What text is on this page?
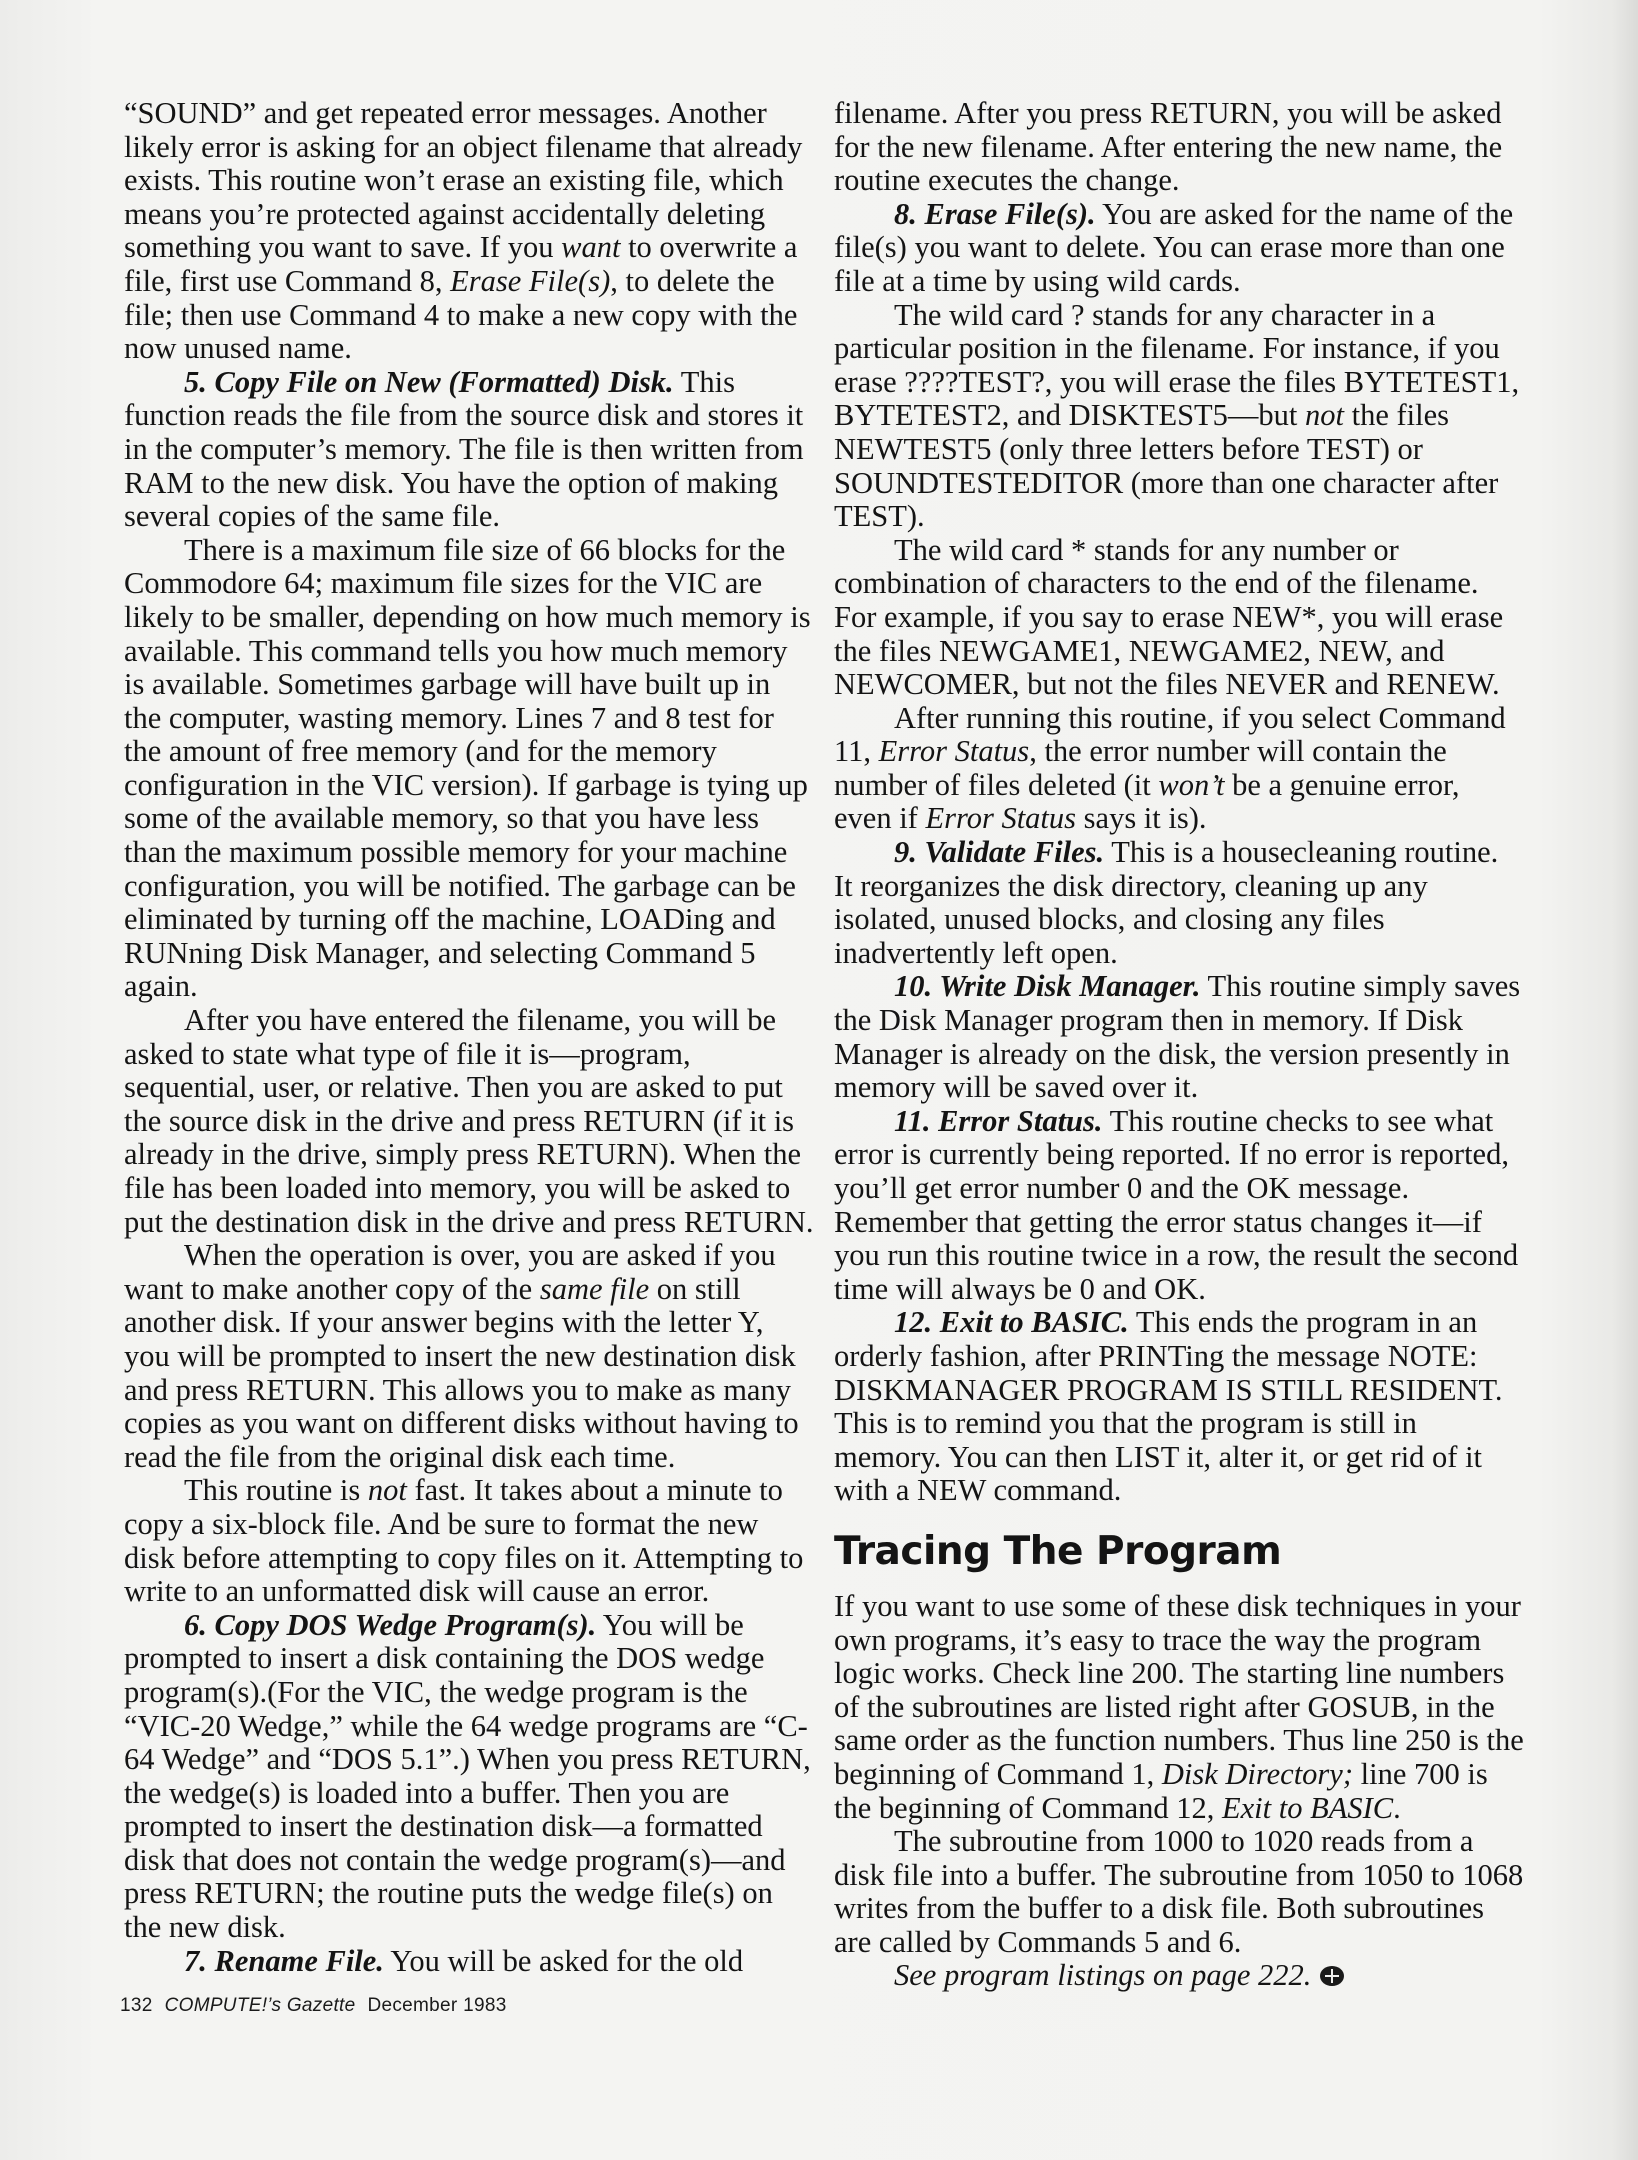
“SOUND” and get repeated error messages. Another likely error is asking for an object filename that already exists. This routine won’t erase an existing file, which means you’re protected against accidentally deleting something you want to save. If you want to overwrite a file, first use Command 8, Erase File(s), to delete the file; then use Command 4 to make a new copy with the now unused name.

5. Copy File on New (Formatted) Disk. This function reads the file from the source disk and stores it in the computer’s memory. The file is then written from RAM to the new disk. You have the option of making several copies of the same file.

There is a maximum file size of 66 blocks for the Commodore 64; maximum file sizes for the VIC are likely to be smaller, depending on how much memory is available. This command tells you how much memory is available. Sometimes garbage will have built up in the computer, wasting memory. Lines 7 and 8 test for the amount of free memory (and for the memory configuration in the VIC version). If garbage is tying up some of the available memory, so that you have less than the maximum possible memory for your machine configuration, you will be notified. The garbage can be eliminated by turning off the machine, LOADing and RUNning Disk Manager, and selecting Command 5 again.

After you have entered the filename, you will be asked to state what type of file it is—program, sequential, user, or relative. Then you are asked to put the source disk in the drive and press RETURN (if it is already in the drive, simply press RETURN). When the file has been loaded into memory, you will be asked to put the destination disk in the drive and press RETURN.

When the operation is over, you are asked if you want to make another copy of the same file on still another disk. If your answer begins with the letter Y, you will be prompted to insert the new destination disk and press RETURN. This allows you to make as many copies as you want on different disks without having to read the file from the original disk each time.

This routine is not fast. It takes about a minute to copy a six-block file. And be sure to format the new disk before attempting to copy files on it. Attempting to write to an unformatted disk will cause an error.

6. Copy DOS Wedge Program(s). You will be prompted to insert a disk containing the DOS wedge program(s).(For the VIC, the wedge program is the “VIC-20 Wedge,” while the 64 wedge programs are “C-64 Wedge” and “DOS 5.1”.) When you press RETURN, the wedge(s) is loaded into a buffer. Then you are prompted to insert the destination disk—a formatted disk that does not contain the wedge program(s)—and press RETURN; the routine puts the wedge file(s) on the new disk.

7. Rename File. You will be asked for the old

filename. After you press RETURN, you will be asked for the new filename. After entering the new name, the routine executes the change.

8. Erase File(s). You are asked for the name of the file(s) you want to delete. You can erase more than one file at a time by using wild cards.

The wild card ? stands for any character in a particular position in the filename. For instance, if you erase ????TEST?, you will erase the files BYTETEST1, BYTETEST2, and DISKTEST5—but not the files NEWTEST5 (only three letters before TEST) or SOUNDTESTEDITOR (more than one character after TEST).

The wild card * stands for any number or combination of characters to the end of the filename. For example, if you say to erase NEW*, you will erase the files NEWGAME1, NEWGAME2, NEW, and NEWCOMER, but not the files NEVER and RENEW.

After running this routine, if you select Command 11, Error Status, the error number will contain the number of files deleted (it won’t be a genuine error, even if Error Status says it is).

9. Validate Files. This is a housecleaning routine. It reorganizes the disk directory, cleaning up any isolated, unused blocks, and closing any files inadvertently left open.

10. Write Disk Manager. This routine simply saves the Disk Manager program then in memory. If Disk Manager is already on the disk, the version presently in memory will be saved over it.

11. Error Status. This routine checks to see what error is currently being reported. If no error is reported, you’ll get error number 0 and the OK message. Remember that getting the error status changes it—if you run this routine twice in a row, the result the second time will always be 0 and OK.

12. Exit to BASIC. This ends the program in an orderly fashion, after PRINTing the message NOTE: DISKMANAGER PROGRAM IS STILL RESIDENT. This is to remind you that the program is still in memory. You can then LIST it, alter it, or get rid of it with a NEW command.

Tracing The Program

If you want to use some of these disk techniques in your own programs, it’s easy to trace the way the program logic works. Check line 200. The starting line numbers of the subroutines are listed right after GOSUB, in the same order as the function numbers. Thus line 250 is the beginning of Command 1, Disk Directory; line 700 is the beginning of Command 12, Exit to BASIC.

The subroutine from 1000 to 1020 reads from a disk file into a buffer. The subroutine from 1050 to 1068 writes from the buffer to a disk file. Both subroutines are called by Commands 5 and 6.

See program listings on page 222.

132 COMPUTE!’s Gazette December 1983
